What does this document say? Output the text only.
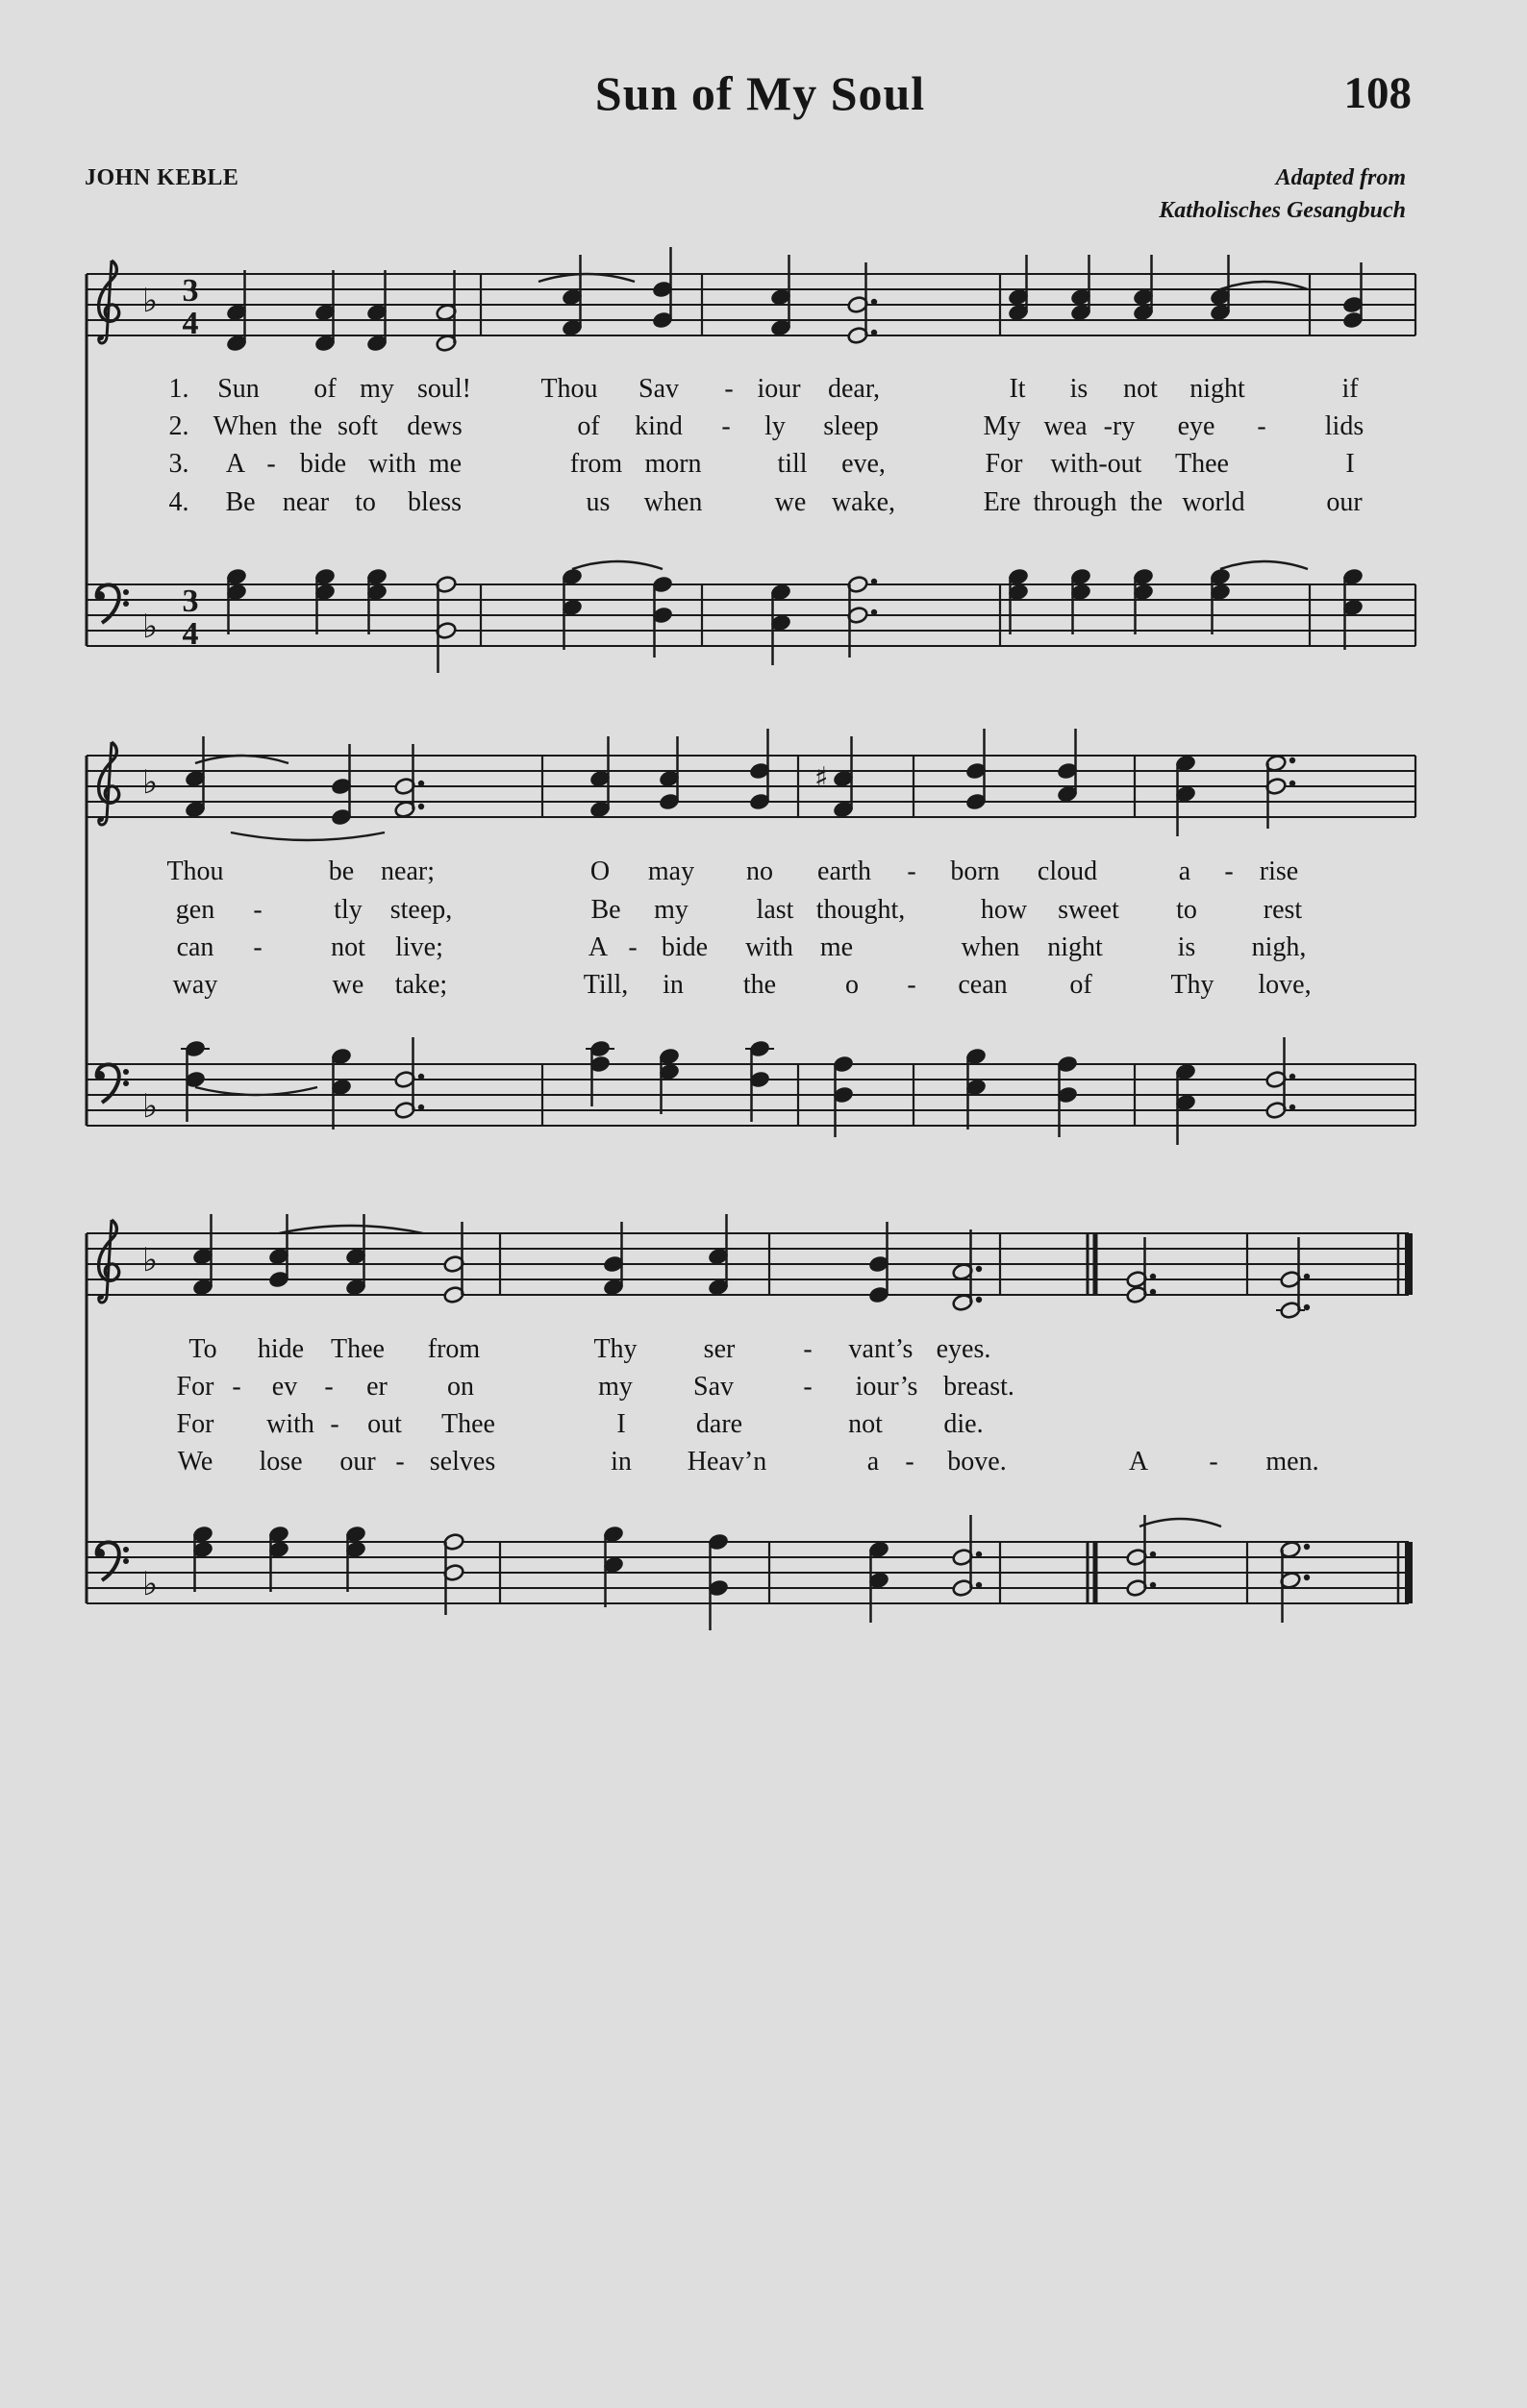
Sun of My Soul	108
JOHN KEBLE	Adapted from
Katholisches Gesangbuch
♭ 3
4
♭
3
4
♭	♯
♭
♭
♭
1. Sun of my soul!	Thou Sav - iour dear,	It is not night	if
2. When the soft dews	of kind - ly sleep	My wea -ry eye - lids
3. A - bide with me	from morn	till eve,	For with-out Thee	I
4. Be near to bless	us when	we wake,	Ere through the world	our
Thou	be near;	O may no earth - born cloud	a - rise
gen -	tly steep,	Be my	last thought,	how sweet to rest
can -	not live;	A - bide with me	when night	is nigh,
way	we take;	Till, in the	o - cean of	Thy love,
To hide Thee from	Thy ser	- vant’s eyes.
For - ev - er on	my Sav	- iour’s breast.
For with - out Thee	I	dare	not die.
We lose our - selves	in Heav’n	a - bove.	A - men.
